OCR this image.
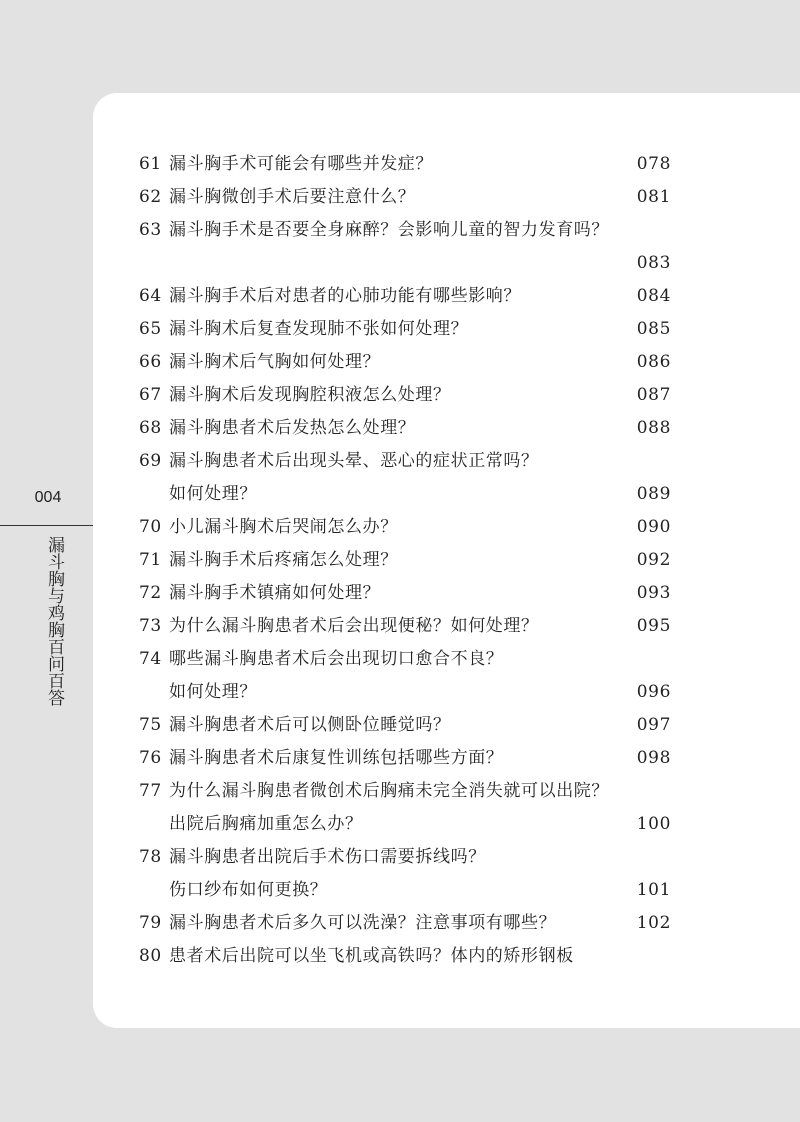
004
漏斗胸与鸡胸百问百答
61 漏斗胸手术可能会有哪些并发症？	078
62 漏斗胸微创手术后要注意什么？	081
63 漏斗胸手术是否要全身麻醉？会影响儿童的智力发育吗？
083
64 漏斗胸手术后对患者的心肺功能有哪些影响？	084
65 漏斗胸术后复查发现肺不张如何处理？	085
66 漏斗胸术后气胸如何处理？	086
67 漏斗胸术后发现胸腔积液怎么处理？	087
68 漏斗胸患者术后发热怎么处理？	088
69 漏斗胸患者术后出现头晕、恶心的症状正常吗？
如何处理？	089
70 小儿漏斗胸术后哭闹怎么办？	090
71 漏斗胸手术后疼痛怎么处理？	092
72 漏斗胸手术镇痛如何处理？	093
73 为什么漏斗胸患者术后会出现便秘？如何处理？	095
74 哪些漏斗胸患者术后会出现切口愈合不良？
如何处理？	096
75 漏斗胸患者术后可以侧卧位睡觉吗？	097
76 漏斗胸患者术后康复性训练包括哪些方面？	098
77 为什么漏斗胸患者微创术后胸痛未完全消失就可以出院？
出院后胸痛加重怎么办？	100
78 漏斗胸患者出院后手术伤口需要拆线吗？
伤口纱布如何更换？	101
79 漏斗胸患者术后多久可以洗澡？注意事项有哪些？	102
80 患者术后出院可以坐飞机或高铁吗？体内的矫形钢板
